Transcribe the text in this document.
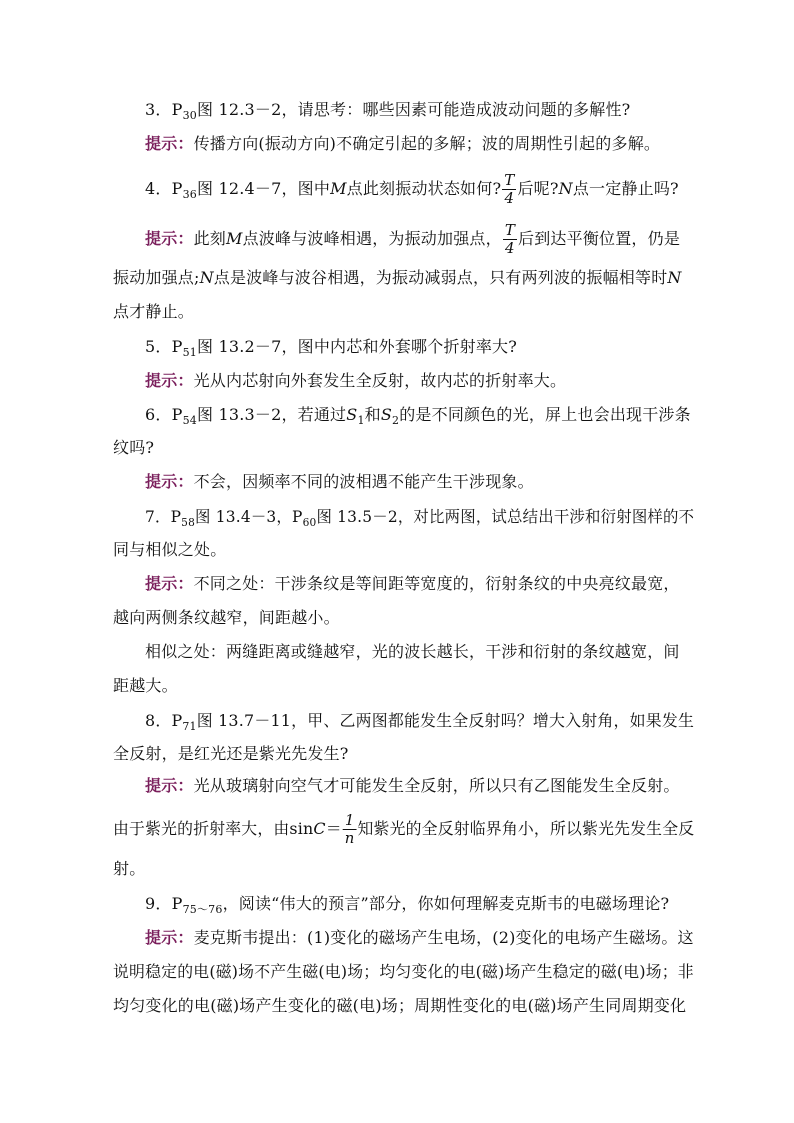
3．$P_{30}$图 12.3－2，请思考：哪些因素可能造成波动问题的多解性?
提示：传播方向(振动方向)不确定引起的多解；波的周期性引起的多解。
4．$P_{36}$图 12.4－7，图中M点此刻振动状态如何? $\frac{T}{4}$ 后呢?N点一定静止吗?
提示：此刻M点波峰与波峰相遇，为振动加强点， $\frac{T}{4}$ 后到达平衡位置，仍是
振动加强点;N点是波峰与波谷相遇，为振动减弱点，只有两列波的振幅相等时N
点才静止。
5．$P_{51}$图 13.2－7，图中内芯和外套哪个折射率大?
提示：光从内芯射向外套发生全反射，故内芯的折射率大。
6．$P_{54}$图 13.3－2，若通过$S_1$和$S_2$的是不同颜色的光，屏上也会出现干涉条
纹吗?
提示：不会，因频率不同的波相遇不能产生干涉现象。
7．$P_{58}$图 13.4－3，$P_{60}$图 13.5－2，对比两图，试总结出干涉和衍射图样的不
同与相似之处。
提示：不同之处：干涉条纹是等间距等宽度的，衍射条纹的中央亮纹最宽，
越向两侧条纹越窄，间距越小。
相似之处：两缝距离或缝越窄，光的波长越长，干涉和衍射的条纹越宽，间
距越大。
8．$P_{71}$图 13.7－11，甲、乙两图都能发生全反射吗？增大入射角，如果发生
全反射，是红光还是紫光先发生?
提示：光从玻璃射向空气才可能发生全反射，所以只有乙图能发生全反射。
由于紫光的折射率大，由$\sin C= \frac{1}{n}$ 知紫光的全反射临界角小，所以紫光先发生全反
射。
9．$P_{75\sim 76}$，阅读“伟大的预言”部分，你如何理解麦克斯韦的电磁场理论?
提示：麦克斯韦提出：(1)变化的磁场产生电场，(2)变化的电场产生磁场。这
说明稳定的电(磁)场不产生磁(电)场；均匀变化的电(磁)场产生稳定的磁(电)场；非
均匀变化的电(磁)场产生变化的磁(电)场；周期性变化的电(磁)场产生同周期变化
